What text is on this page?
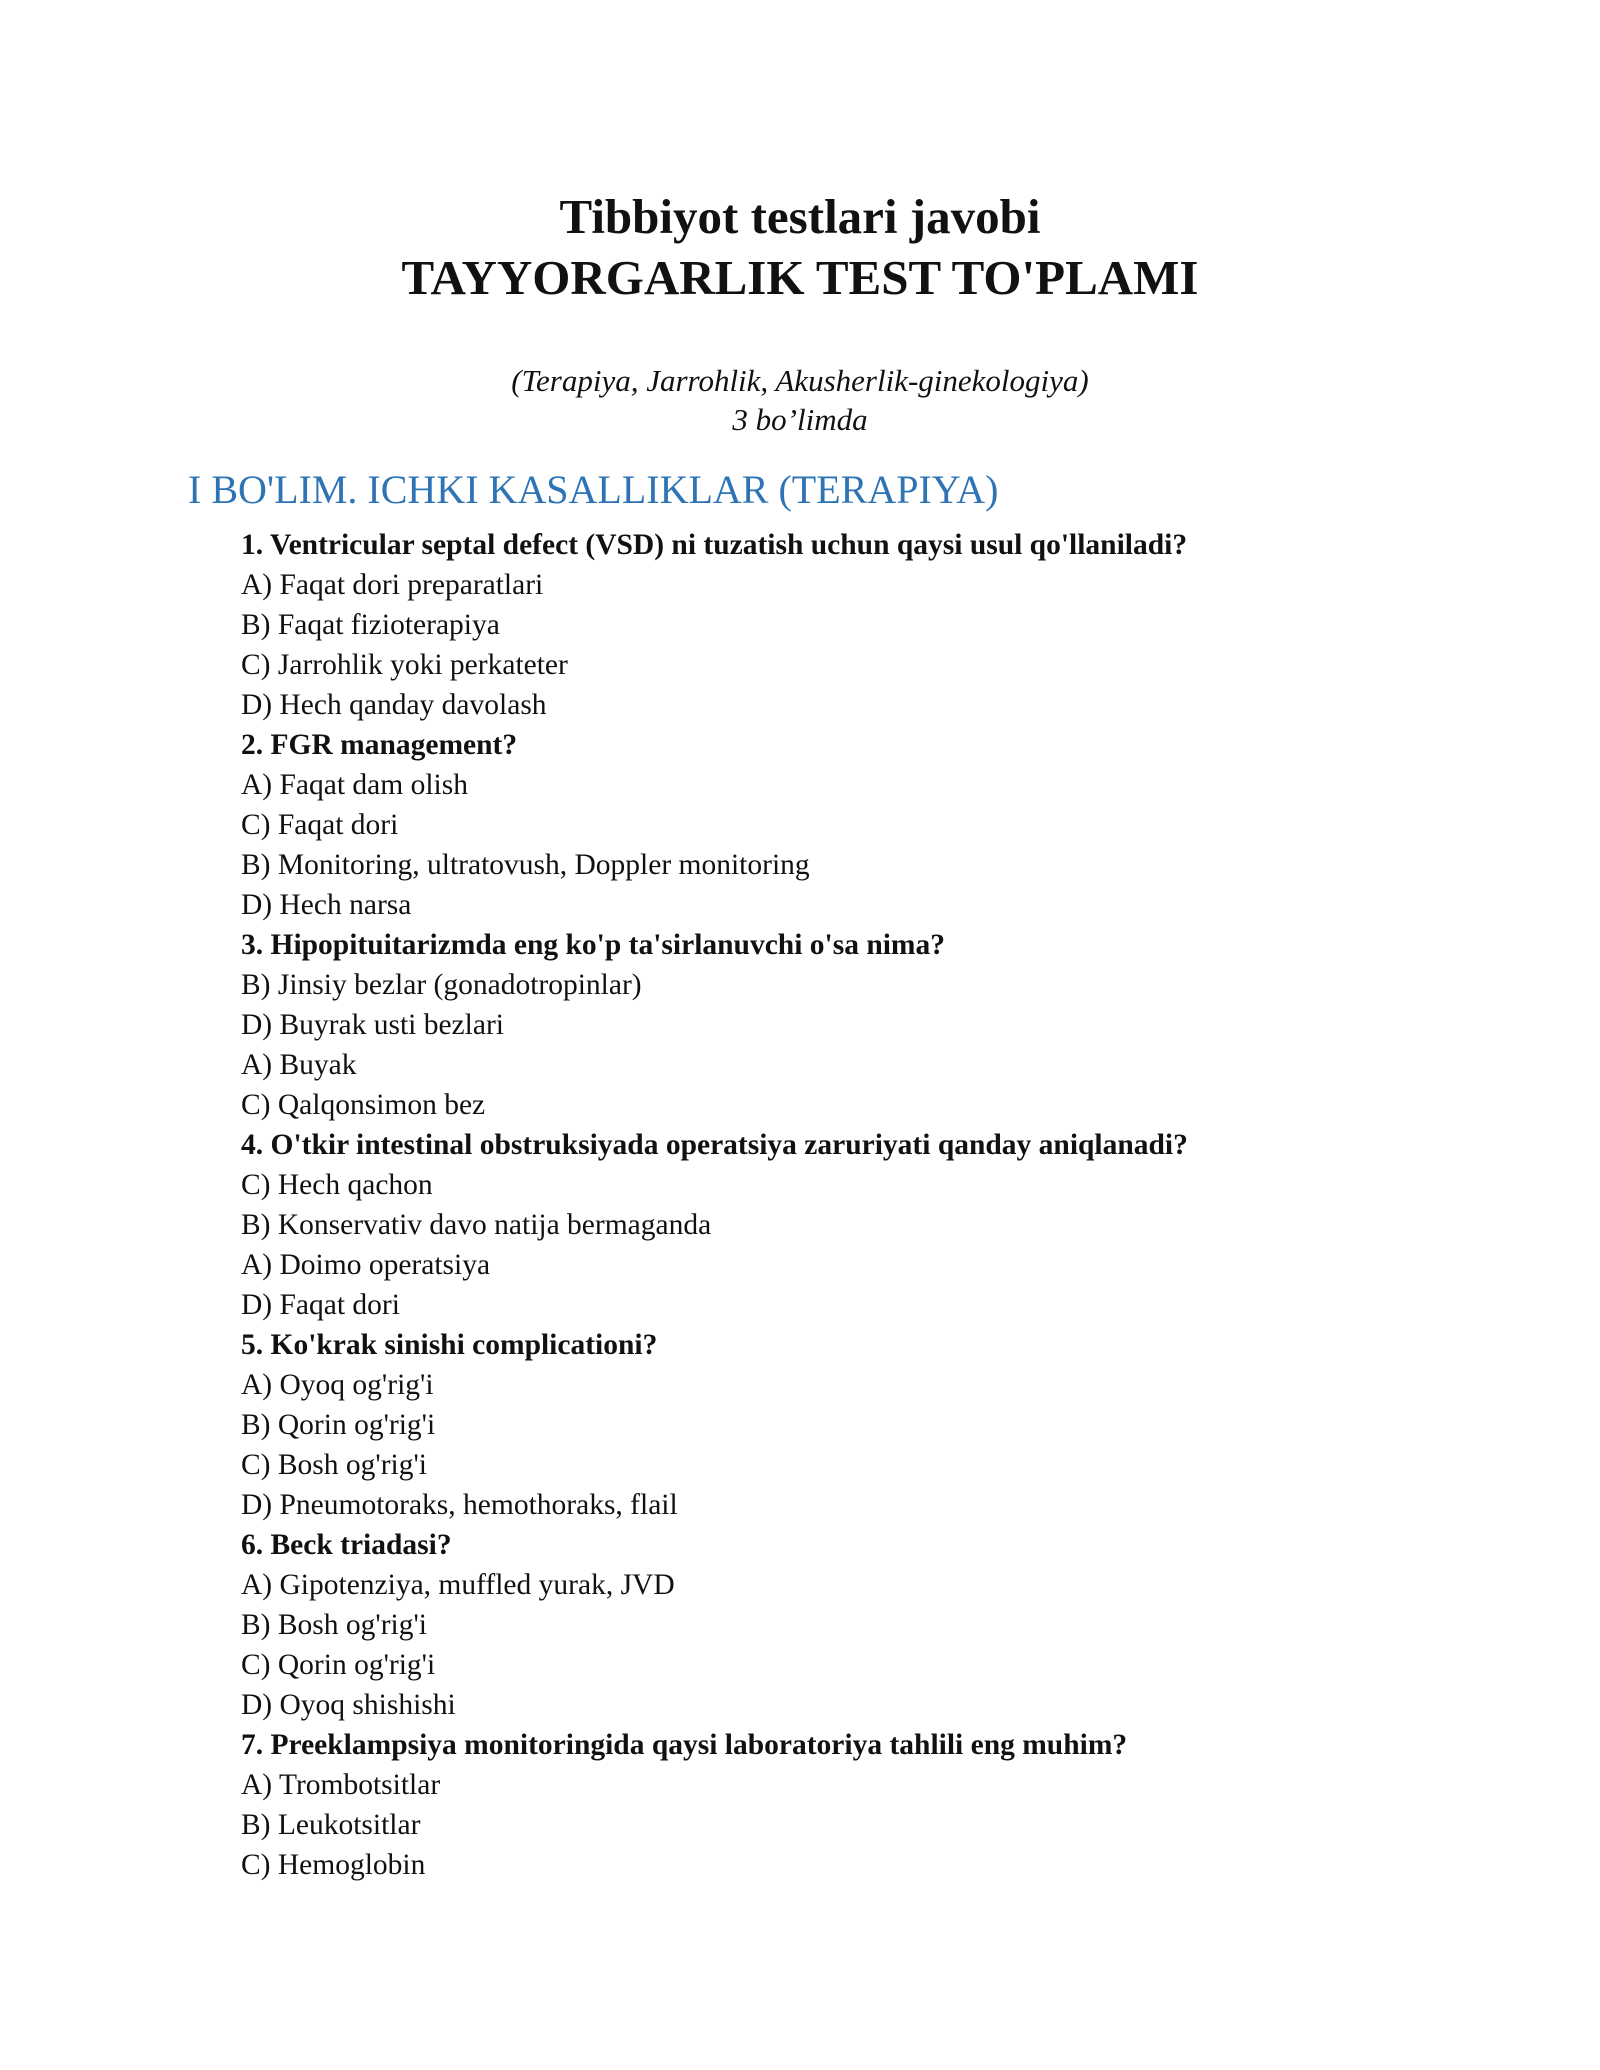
Tibbiyot testlari javobi
TAYYORGARLIK TEST TO'PLAMI

(Terapiya, Jarrohlik, Akusherlik-ginekologiya)

3 bo’limda

I BO'LIM. ICHKI KASALLIKLAR (TERAPIYA)
1. Ventricular septal defect (VSD) ni tuzatish uchun qaysi usul qo'llaniladi?
A) Faqat dori preparatlari
B) Faqat fizioterapiya
C) Jarrohlik yoki perkateter
D) Hech qanday davolash
2. FGR management?
A) Faqat dam olish
C) Faqat dori
B) Monitoring, ultratovush, Doppler monitoring
D) Hech narsa
3. Hipopituitarizmda eng ko'p ta'sirlanuvchi o'sa nima?
B) Jinsiy bezlar (gonadotropinlar)
D) Buyrak usti bezlari
A) Buyak
C) Qalqonsimon bez
4. O'tkir intestinal obstruksiyada operatsiya zaruriyati qanday aniqlanadi?
C) Hech qachon
B) Konservativ davo natija bermaganda
A) Doimo operatsiya
D) Faqat dori
5. Ko'krak sinishi complicationi?
A) Oyoq og'rig'i
B) Qorin og'rig'i
C) Bosh og'rig'i
D) Pneumotoraks, hemothoraks, flail
6. Beck triadasi?
A) Gipotenziya, muffled yurak, JVD
B) Bosh og'rig'i
C) Qorin og'rig'i
D) Oyoq shishishi
7. Preeklampsiya monitoringida qaysi laboratoriya tahlili eng muhim?
A) Trombotsitlar
B) Leukotsitlar
C) Hemoglobin
